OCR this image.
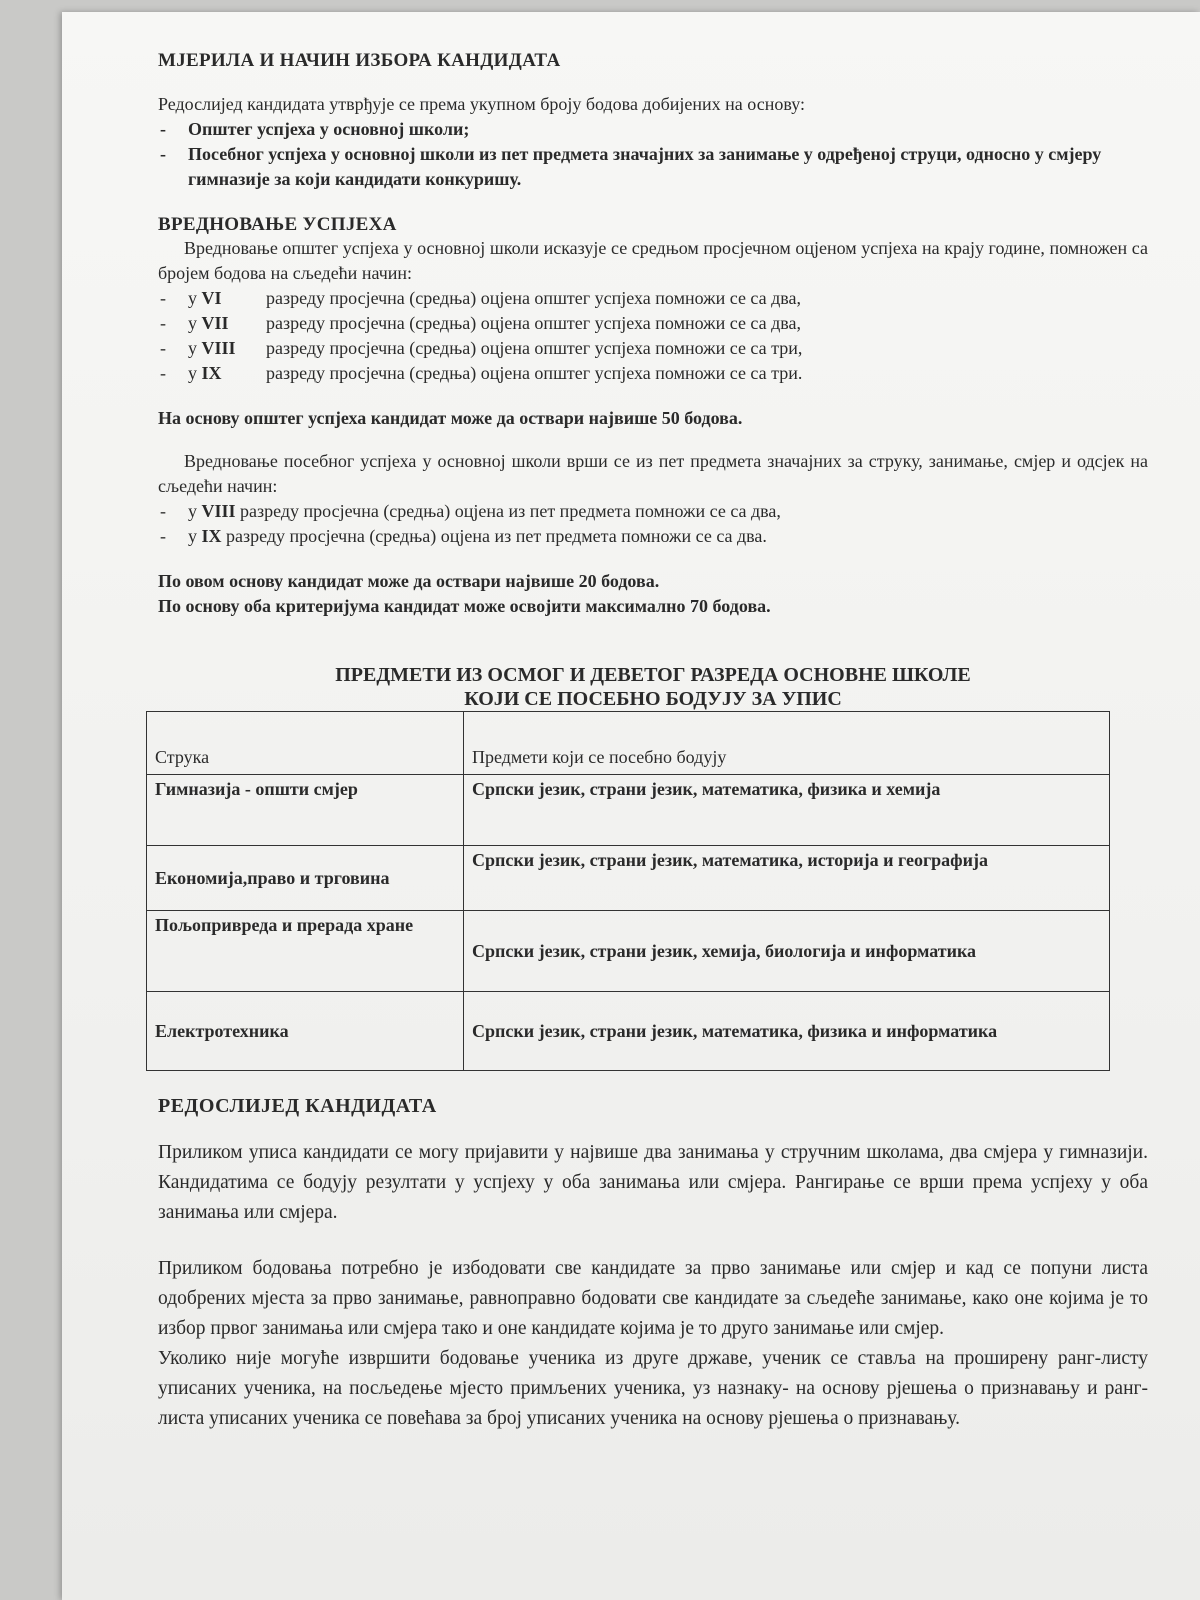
МЈЕРИЛА И НАЧИН ИЗБОРА КАНДИДАТА

Редослијед кандидата утврђује се према укупном броју бодова добијених на основу:

- Општег успјеха у основној школи;
- Посебног успјеха у основној школи из пет предмета значајних за занимање у одређеној струци, односно у смјеру гимназије за који кандидати конкуришу.
ВРЕДНОВАЊЕ УСПЈЕХА

Вредновање општег успјеха у основној школи исказује се средњом просјечном оцјеном успјеха на крају године, помножен са бројем бодова на сљедећи начин:

- у VI разреду просјечна (средња) оцјена општег успјеха помножи се са два,
- у VII разреду просјечна (средња) оцјена општег успјеха помножи се са два,
- у VIII разреду просјечна (средња) оцјена општег успјеха помножи се са три,
- у IX разреду просјечна (средња) оцјена општег успјеха помножи се са три.

На основу општег успјеха кандидат може да оствари највише 50 бодова.

Вредновање посебног успјеха у основној школи врши се из пет предмета значајних за струку, занимање, смјер и одсјек на сљедећи начин:

- у VIII разреду просјечна (средња) оцјена из пет предмета помножи се са два,
- у IX разреду просјечна (средња) оцјена из пет предмета помножи се са два.

По овом основу кандидат може да оствари највише 20 бодова.

По основу оба критеријума кандидат може освојити максимално 70 бодова.

ПРЕДМЕТИ ИЗ ОСМОГ И ДЕВЕТОГ РАЗРЕДА ОСНОВНЕ ШКОЛЕ

КОЈИ СЕ ПОСЕБНО БОДУЈУ ЗА УПИС

Струка	Предмети који се посебно бодују
Гимназија - општи смјер	Српски језик, страни језик, математика, физика и хемија
Економија,право и трговина	Српски језик, страни језик, математика, историја и географија
Пољопривреда и прерада хране	Српски језик, страни језик, хемија, биологија и информатика
Електротехника	Српски језик, страни језик, математика, физика и информатика
РЕДОСЛИЈЕД КАНДИДАТА

Приликом уписа кандидати се могу пријавити у највише два занимања у стручним школама, два смјера у гимназији. Кандидатима се бодују резултати у успјеху у оба занимања или смјера. Рангирање се врши према успјеху у оба занимања или смјера.

Приликом бодовања потребно је избодовати све кандидате за прво занимање или смјер и кад се попуни листа одобрених мјеста за прво занимање, равноправно бодовати све кандидате за сљедеће занимање, како оне којима је то избор првог занимања или смјера тако и оне кандидате којима је то друго занимање или смјер.

Уколико није могуће извршити бодовање ученика из друге државе, ученик се ставља на проширену ранг-листу уписаних ученика, на посљедење мјесто примљених ученика, уз назнаку- на основу рјешења о признавању и ранг- листа уписаних ученика се повећава за број уписаних ученика на основу рјешења о признавању.
